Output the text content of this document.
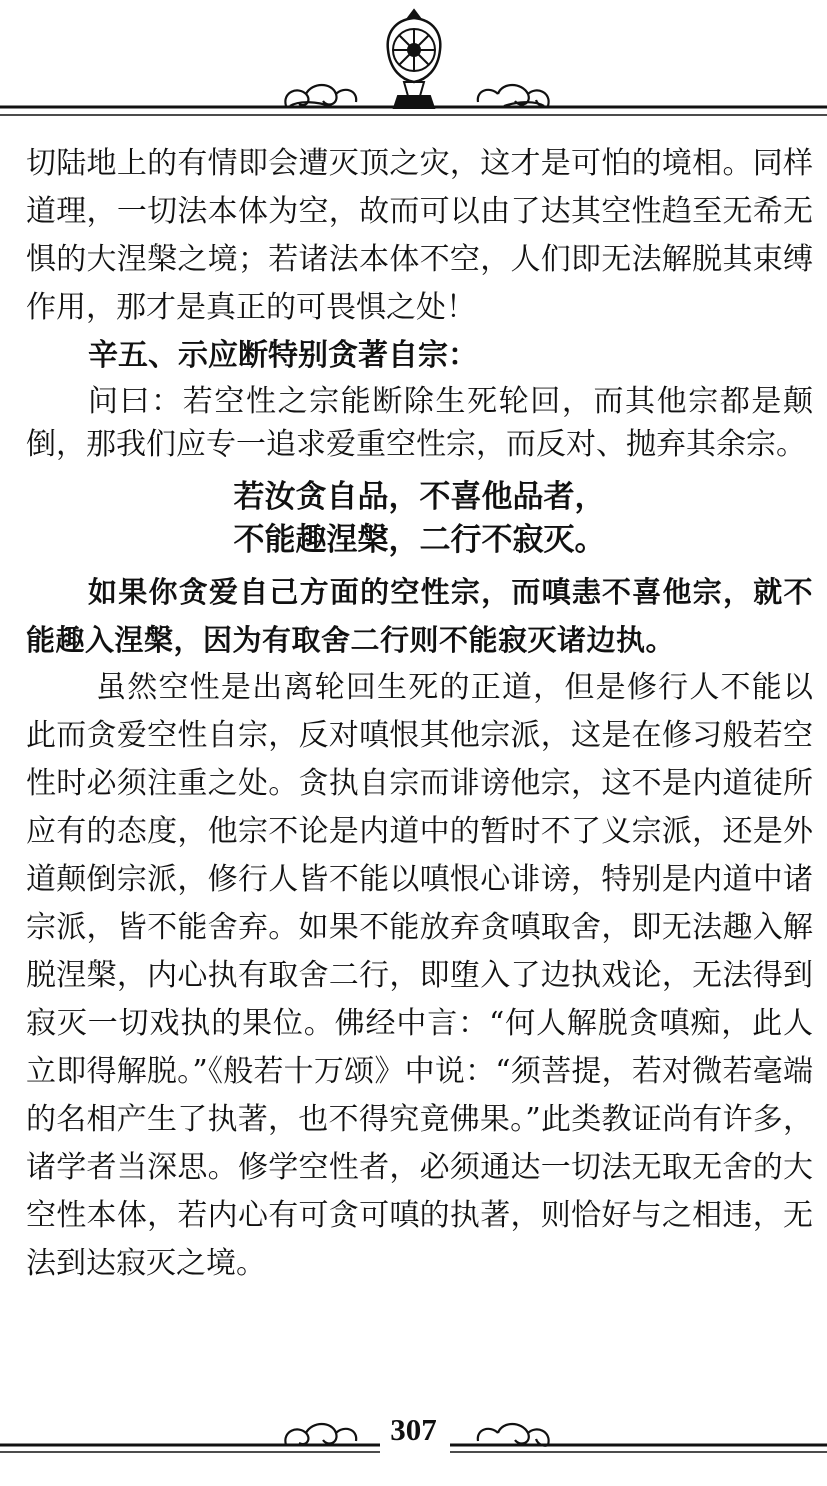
切陆地上的有情即会遭灭顶之灾，这才是可怕的境相。同样道理，一切法本体为空，故而可以由了达其空性趋至无希无惧的大涅槃之境；若诸法本体不空，人们即无法解脱其束缚作用，那才是真正的可畏惧之处！

辛五、示应断特别贪著自宗：

问曰：若空性之宗能断除生死轮回，而其他宗都是颠倒，那我们应专一追求爱重空性宗，而反对、抛弃其余宗。

若汝贪自品，不喜他品者，
不能趣涅槃，二行不寂灭。

如果你贪爱自己方面的空性宗，而嗔恚不喜他宗，就不能趣入涅槃，因为有取舍二行则不能寂灭诸边执。

虽然空性是出离轮回生死的正道，但是修行人不能以此而贪爱空性自宗，反对嗔恨其他宗派，这是在修习般若空性时必须注重之处。贪执自宗而诽谤他宗，这不是内道徒所应有的态度，他宗不论是内道中的暂时不了义宗派，还是外道颠倒宗派，修行人皆不能以嗔恨心诽谤，特别是内道中诸宗派，皆不能舍弃。如果不能放弃贪嗔取舍，即无法趣入解脱涅槃，内心执有取舍二行，即堕入了边执戏论，无法得到寂灭一切戏执的果位。佛经中言：“何人解脱贪嗔痴，此人立即得解脱。”《般若十万颂》中说：“须菩提，若对微若毫端的名相产生了执著，也不得究竟佛果。”此类教证尚有许多，诸学者当深思。修学空性者，必须通达一切法无取无舍的大空性本体，若内心有可贪可嗔的执著，则恰好与之相违，无法到达寂灭之境。

307
